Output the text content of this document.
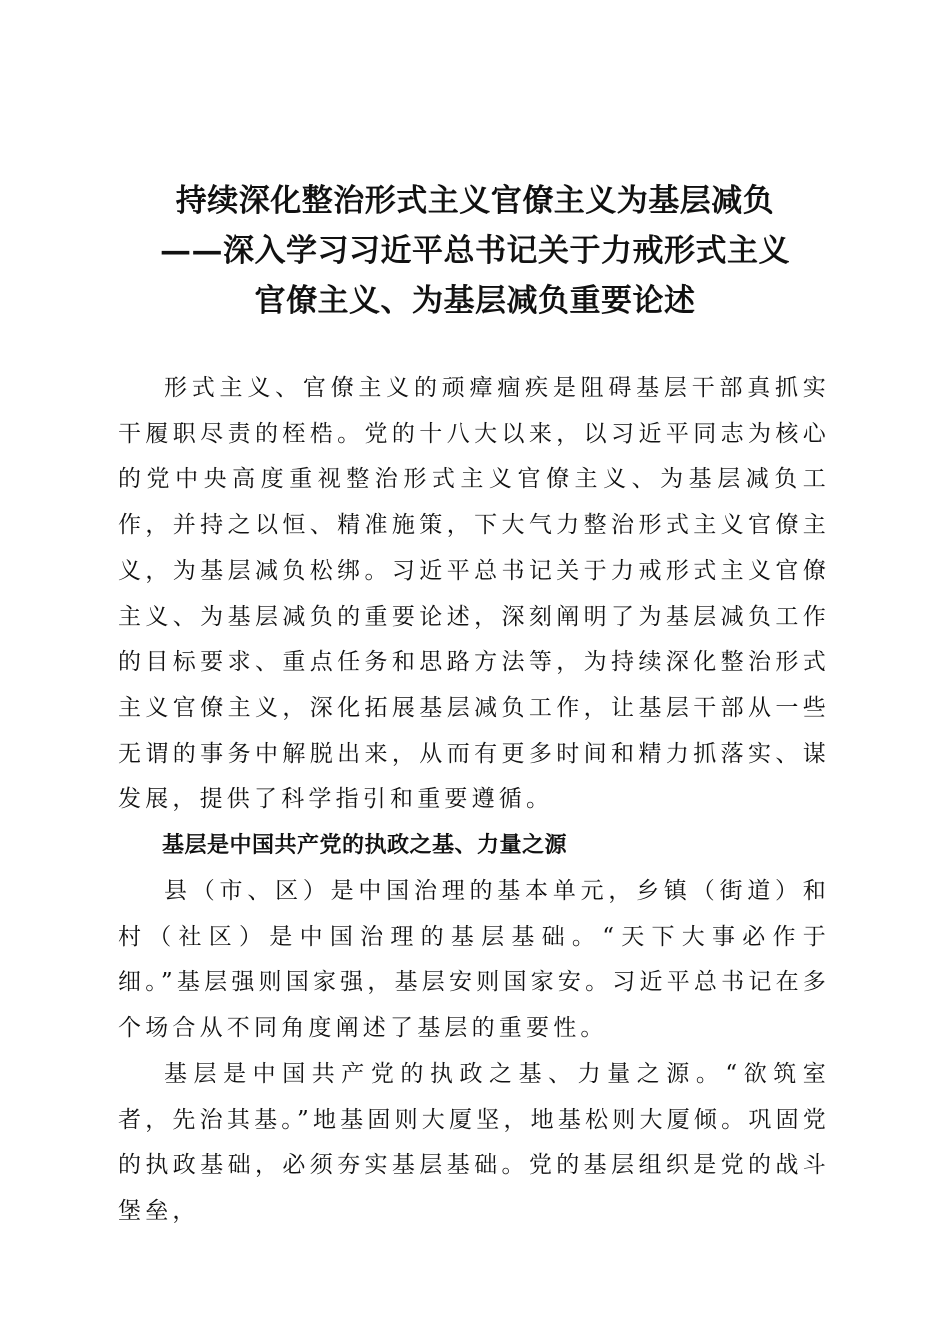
持续深化整治形式主义官僚主义为基层减负
——深入学习习近平总书记关于力戒形式主义
官僚主义、为基层减负重要论述

形式主义、官僚主义的顽瘴痼疾是阻碍基层干部真抓实干履职尽责的桎梏。党的十八大以来，以习近平同志为核心的党中央高度重视整治形式主义官僚主义、为基层减负工作，并持之以恒、精准施策，下大气力整治形式主义官僚主义，为基层减负松绑。习近平总书记关于力戒形式主义官僚主义、为基层减负的重要论述，深刻阐明了为基层减负工作的目标要求、重点任务和思路方法等，为持续深化整治形式主义官僚主义，深化拓展基层减负工作，让基层干部从一些无谓的事务中解脱出来，从而有更多时间和精力抓落实、谋发展，提供了科学指引和重要遵循。

基层是中国共产党的执政之基、力量之源

县（市、区）是中国治理的基本单元，乡镇（街道）和村（社区）是中国治理的基层基础。“天下大事必作于细。”基层强则国家强，基层安则国家安。习近平总书记在多个场合从不同角度阐述了基层的重要性。

基层是中国共产党的执政之基、力量之源。“欲筑室者，先治其基。”地基固则大厦坚，地基松则大厦倾。巩固党的执政基础，必须夯实基层基础。党的基层组织是党的战斗堡垒，
